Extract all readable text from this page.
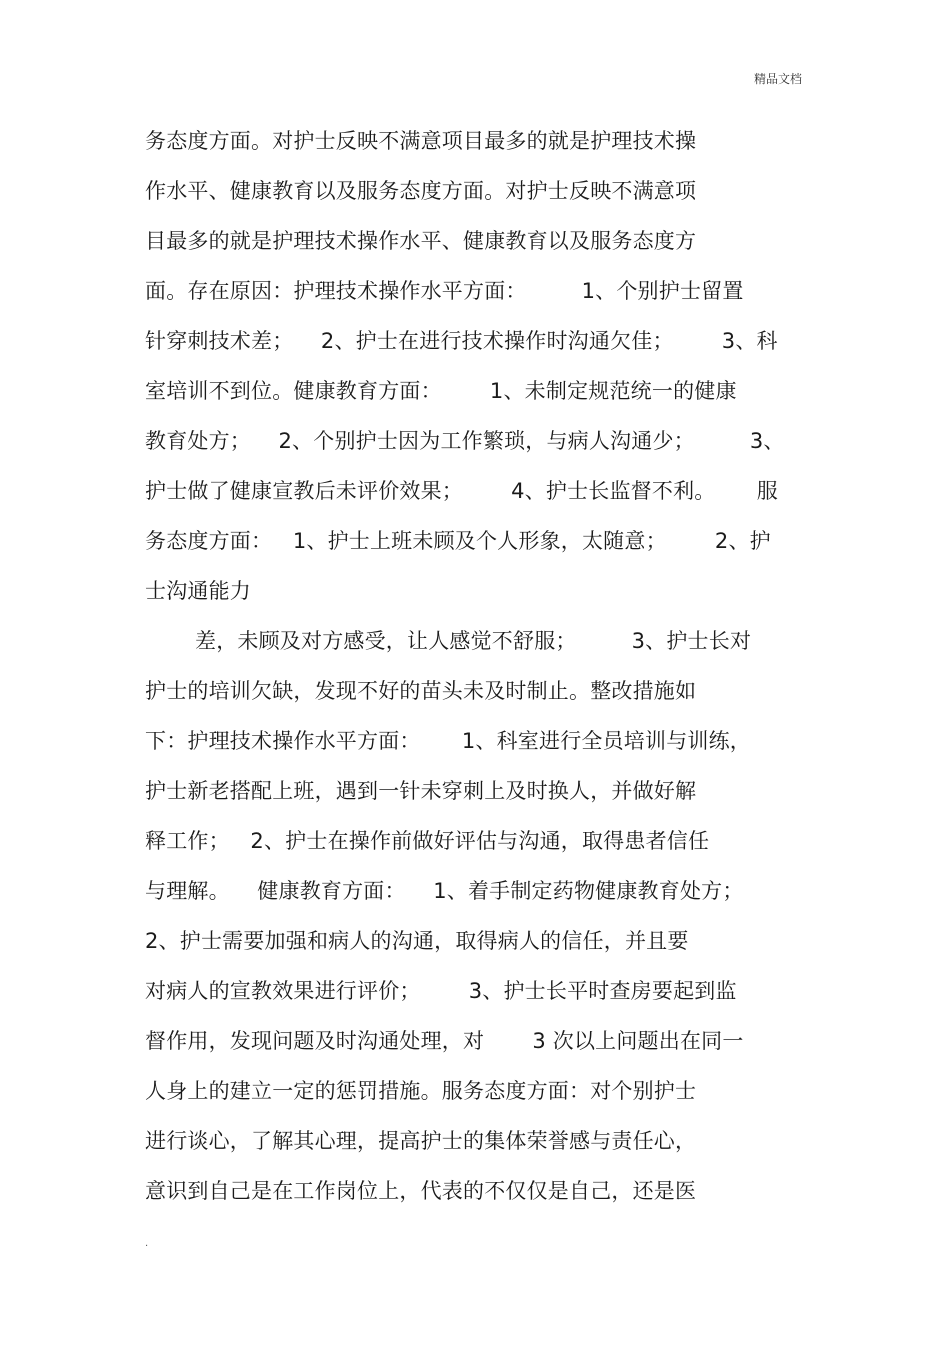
精品文档
务态度方面。对护士反映不满意项目最多的就是护理技术操
作水平、健康教育以及服务态度方面。对护士反映不满意项
目最多的就是护理技术操作水平、健康教育以及服务态度方
面。存在原因：护理技术操作水平方面：        1、个别护士留置
针穿刺技术差；    2、护士在进行技术操作时沟通欠佳；       3、科
室培训不到位。健康教育方面：       1、未制定规范统一的健康
教育处方；    2、个别护士因为工作繁琐，与病人沟通少；        3、
护士做了健康宣教后未评价效果；       4、护士长监督不利。      服
务态度方面：   1、护士上班未顾及个人形象，太随意；       2、护
士沟通能力
差，未顾及对方感受，让人感觉不舒服；        3、护士长对
护士的培训欠缺，发现不好的苗头未及时制止。整改措施如
下：护理技术操作水平方面：      1、科室进行全员培训与训练，
护士新老搭配上班，遇到一针未穿刺上及时换人，并做好解
释工作；   2、护士在操作前做好评估与沟通，取得患者信任
与理解。    健康教育方面：    1、着手制定药物健康教育处方；
2、护士需要加强和病人的沟通，取得病人的信任，并且要
对病人的宣教效果进行评价；       3、护士长平时查房要起到监
督作用，发现问题及时沟通处理，对       3 次以上问题出在同一
人身上的建立一定的惩罚措施。服务态度方面：对个别护士
进行谈心，了解其心理，提高护士的集体荣誉感与责任心，
意识到自己是在工作岗位上，代表的不仅仅是自己，还是医
.
